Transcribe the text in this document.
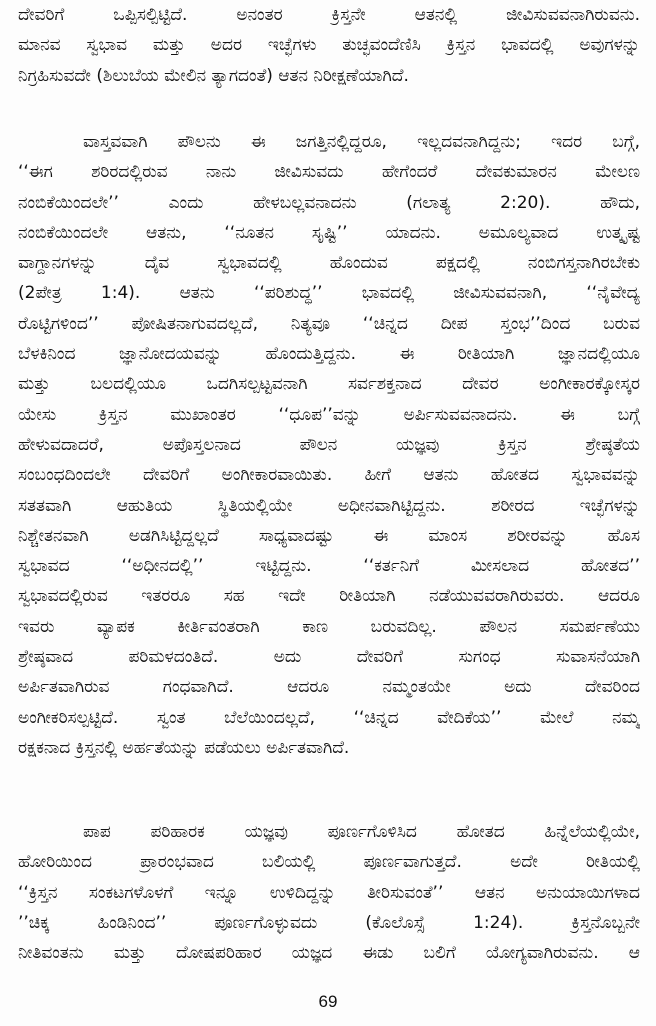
ದೇವರಿಗೆ ಒಪ್ಪಿಸಲ್ಪಿಟ್ಟಿದೆ. ಅನಂತರ ಕ್ರಿಸ್ತನೇ ಆತನಲ್ಲಿ ಜೀವಿಸುವವನಾಗಿರುವನು.
ಮಾನವ ಸ್ವಭಾವ ಮತ್ತು ಅದರ ಇಚ್ಛೆಗಳು ತುಚ್ಛವಂದೆಣಿಸಿ ಕ್ರಿಸ್ತನ ಭಾವದಲ್ಲಿ ಅವುಗಳನ್ನು
ನಿಗ್ರಹಿಸುವದೇ (ಶಿಲುಬೆಯ ಮೇಲಿನ ತ್ಯಾಗದಂತೆ) ಆತನ ನಿರೀಕ್ಷಣೆಯಾಗಿದೆ.
ವಾಸ್ತವವಾಗಿ ಪೌಲನು ಈ ಜಗತ್ತಿನಲ್ಲಿದ್ದರೂ, ಇಲ್ಲದವನಾಗಿದ್ದನು; ಇದರ ಬಗ್ಗೆ,
‘‘ಈಗ ಶರಿರದಲ್ಲಿರುವ ನಾನು ಜೀವಿಸುವದು ಹೇಗೆಂದರೆ ದೇವಕುಮಾರನ ಮೇಲಣ
ನಂಬಿಕೆಯಿಂದಲೇ’’ ಎಂದು ಹೇಳಬಲ್ಲವನಾದನು (ಗಲಾತ್ಯ 2:20). ಹೌದು,
ನಂಬಿಕೆಯಿಂದಲೇ ಆತನು, ‘‘ನೂತನ ಸೃಷ್ಟಿ’’ ಯಾದನು. ಅಮೂಲ್ಯವಾದ ಉತ್ಕೃಷ್ಟ
ವಾಗ್ದಾನಗಳನ್ನು ದೈವ ಸ್ವಭಾವದಲ್ಲಿ ಹೊಂದುವ ಪಕ್ಷದಲ್ಲಿ ನಂಬಿಗಸ್ತನಾಗಿರಬೇಕು
(2ಪೇತ್ರ 1:4). ಆತನು ‘‘ಪರಿಶುದ್ಧ’’ ಭಾವದಲ್ಲಿ ಜೀವಿಸುವವನಾಗಿ, ‘‘ನೈವೇದ್ಯ
ರೊಟ್ಟಿಗಳಿಂದ’’ ಪೋಷಿತನಾಗುವದಲ್ಲದೆ, ನಿತ್ಯವೂ ‘‘ಚಿನ್ನದ ದೀಪ ಸ್ತಂಭ’’ದಿಂದ ಬರುವ
ಬೆಳಕಿನಿಂದ ಜ್ಞಾನೋದಯವನ್ನು ಹೊಂದುತ್ತಿದ್ದನು. ಈ ರೀತಿಯಾಗಿ ಜ್ಞಾನದಲ್ಲಿಯೂ
ಮತ್ತು ಬಲದಲ್ಲಿಯೂ ಒದಗಿಸಲ್ಪಟ್ಟವನಾಗಿ ಸರ್ವಶಕ್ತನಾದ ದೇವರ ಅಂಗೀಕಾರಕ್ಕೋಸ್ಕರ
ಯೇಸು ಕ್ರಿಸ್ತನ ಮುಖಾಂತರ ‘‘ಧೂಪ’’ವನ್ನು ಅರ್ಪಿಸುವವನಾದನು. ಈ ಬಗ್ಗೆ
ಹೇಳುವದಾದರೆ, ಅಪೊಸ್ತಲನಾದ ಪೌಲನ ಯಜ್ಞವು ಕ್ರಿಸ್ತನ ಶ್ರೇಷ್ಠತೆಯ
ಸಂಬಂಧದಿಂದಲೇ ದೇವರಿಗೆ ಅಂಗೀಕಾರವಾಯಿತು. ಹೀಗೆ ಆತನು ಹೋತದ ಸ್ವಭಾವವನ್ನು
ಸತತವಾಗಿ ಆಹುತಿಯ ಸ್ಥಿತಿಯಲ್ಲಿಯೇ ಅಧೀನವಾಗಿಟ್ಟಿದ್ದನು. ಶರೀರದ ಇಚ್ಛೆಗಳನ್ನು
ನಿಶ್ಚೇತನವಾಗಿ ಅಡಗಿಸಿಟ್ಟಿದ್ದಲ್ಲದೆ ಸಾಧ್ಯವಾದಷ್ಟು ಈ ಮಾಂಸ ಶರೀರವನ್ನು ಹೊಸ
ಸ್ವಭಾವದ ‘‘ಅಧೀನದಲ್ಲಿ’’ ಇಟ್ಟಿದ್ದನು. ‘‘ಕರ್ತನಿಗೆ ಮೀಸಲಾದ ಹೋತದ’’
ಸ್ವಭಾವದಲ್ಲಿರುವ ಇತರರೂ ಸಹ ಇದೇ ರೀತಿಯಾಗಿ ನಡೆಯುವವರಾಗಿರುವರು. ಆದರೂ
ಇವರು ವ್ಯಾಪಕ ಕೀರ್ತಿವಂತರಾಗಿ ಕಾಣ ಬರುವದಿಲ್ಲ. ಪೌಲನ ಸಮರ್ಪಣೆಯು
ಶ್ರೇಷ್ಠವಾದ ಪರಿಮಳದಂತಿದೆ. ಅದು ದೇವರಿಗೆ ಸುಗಂಧ ಸುವಾಸನೆಯಾಗಿ
ಅರ್ಪಿತವಾಗಿರುವ ಗಂಧವಾಗಿದೆ. ಆದರೂ ನಮ್ಮಂತಯೇ ಅದು ದೇವರಿಂದ
ಅಂಗೀಕರಿಸಲ್ಪಟ್ಟಿದೆ. ಸ್ವಂತ ಬೆಲೆಯಿಂದಲ್ಲದೆ, ‘‘ಚಿನ್ನದ ವೇದಿಕೆಯ’’ ಮೇಲೆ ನಮ್ಮ
ರಕ್ಷಕನಾದ ಕ್ರಿಸ್ತನಲ್ಲಿ ಅರ್ಹತೆಯನ್ನು ಪಡೆಯಲು ಅರ್ಪಿತವಾಗಿದೆ.
ಪಾಪ ಪರಿಹಾರಕ ಯಜ್ಞವು ಪೂರ್ಣಗೊಳಿಸಿದ ಹೋತದ ಹಿನ್ನೆಲೆಯಲ್ಲಿಯೇ,
ಹೋರಿಯಿಂದ ಪ್ರಾರಂಭವಾದ ಬಲಿಯಲ್ಲಿ ಪೂರ್ಣವಾಗುತ್ತದೆ. ಅದೇ ರೀತಿಯಲ್ಲಿ
‘‘ಕ್ರಿಸ್ತನ ಸಂಕಟಗಳೊಳಗೆ ಇನ್ನೂ ಉಳಿದಿದ್ದನ್ನು ತೀರಿಸುವಂತೆ’’ ಆತನ ಅನುಯಾಯಿಗಳಾದ
’’ಚಿಕ್ಕ ಹಿಂಡಿನಿಂದ’’ ಪೂರ್ಣಗೊಳ್ಳುವದು (ಕೊಲೊಸ್ಸೆ 1:24). ಕ್ರಿಸ್ತನೊಬ್ಬನೇ
ನೀತಿವಂತನು ಮತ್ತು ದೋಷಪರಿಹಾರ ಯಜ್ಞದ ಈಡು ಬಲಿಗೆ ಯೋಗ್ಯವಾಗಿರುವನು. ಆ
69
